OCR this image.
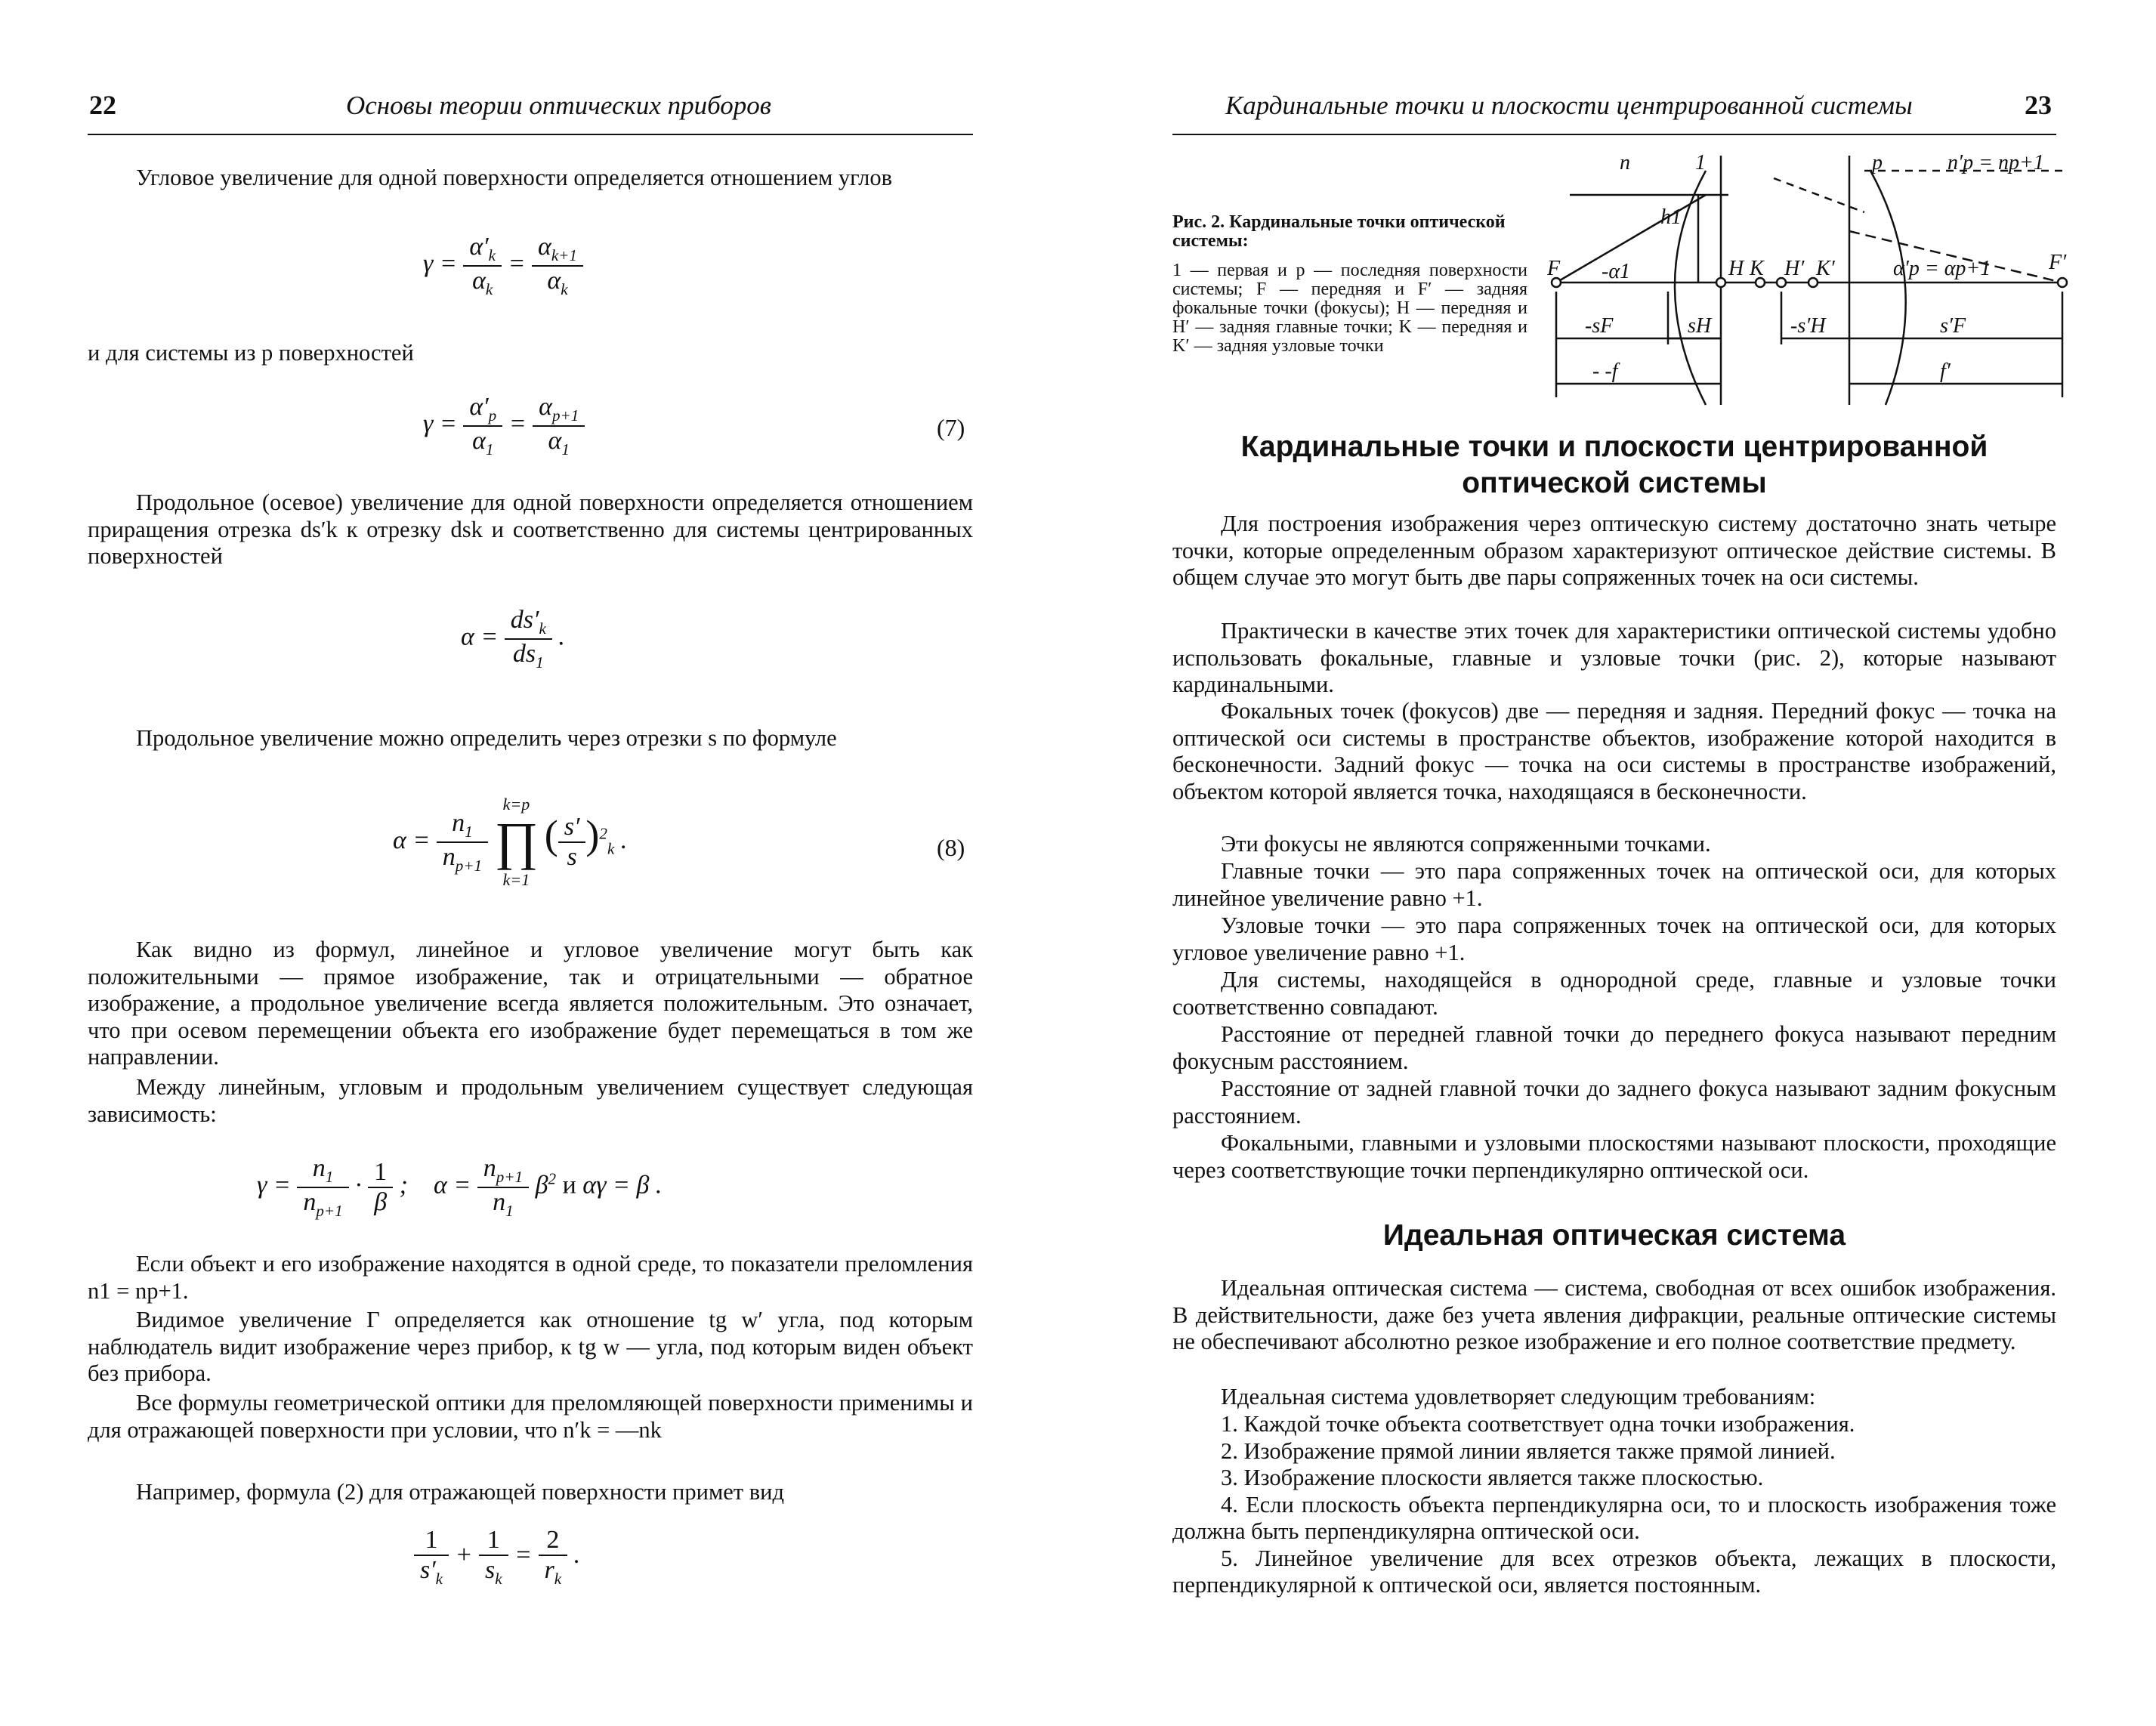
22	Основы теории оптических приборов

Угловое увеличение для одной поверхности определяется отношением углов

$\gamma = \frac{\alpha'_k}{\alpha_k} = \frac{\alpha_{k+1}}{\alpha_k}$

и для системы из p поверхностей

$\gamma = \frac{\alpha'_p}{\alpha_1} = \frac{\alpha_{p+1}}{\alpha_1}$	(7)

Продольное (осевое) увеличение для одной поверхности определяется отношением приращения отрезка ds′k к отрезку dsk и соответственно для системы центрированных поверхностей

$\alpha = \frac{ds'_k}{ds_1}$ .

Продольное увеличение можно определить через отрезки s по формуле

$\alpha = \frac{n_1}{n_{p+1}}$
k=p
∏
k=1 ( $\frac{s'}{s} )^2_k$ .	(8)

Как видно из формул, линейное и угловое увеличение могут быть как положительными — прямое изображение, так и отрицательными — обратное изображение, а продольное увеличение всегда является положительным. Это означает, что при осевом перемещении объекта его изображение будет перемещаться в том же направлении.

Между линейным, угловым и продольным увеличением существует следующая зависимость:

$\gamma = \frac{n_1}{n_{p+1}} \cdot \frac{1}{\beta}$ ;    $\alpha = \frac{n_{p+1}}{n_1} \beta^2$ и αγ = β .

Если объект и его изображение находятся в одной среде, то показатели преломления n1 = np+1.

Видимое увеличение Γ определяется как отношение tg w′ угла, под которым наблюдатель видит изображение через прибор, к tg w — угла, под которым виден объект без прибора.

Все формулы геометрической оптики для преломляющей поверхности применимы и для отражающей поверхности при условии, что n′k = —nk

Например, формула (2) для отражающей поверхности примет вид

$\frac{1}{s'_k} + \frac{1}{s_k} = \frac{2}{r_k}$ .
Кардинальные точки и плоскости центрированной системы	23
Рис. 2. Кардинальные точки оптической системы:
1 — первая и p — последняя поверхности системы; F — передняя и F′ — задняя фокальные точки (фокусы); H — передняя и H′ — задняя главные точки; K — передняя и K′ — задняя узловые точки
n	1	p	n′p = np+1
h1
-α1
F	H K H′ K′	α′p = αp+1	F′
-sF	sH	-s′H	s′F
- -f	f′
Кардинальные точки и плоскости центрированной оптической системы

Для построения изображения через оптическую систему достаточно знать четыре точки, которые определенным образом характеризуют оптическое действие системы. В общем случае это могут быть две пары сопряженных точек на оси системы.

Практически в качестве этих точек для характеристики оптической системы удобно использовать фокальные, главные и узловые точки (рис. 2), которые называют кардинальными.

Фокальных точек (фокусов) две — передняя и задняя. Передний фокус — точка на оптической оси системы в пространстве объектов, изображение которой находится в бесконечности. Задний фокус — точка на оси системы в пространстве изображений, объектом которой является точка, находящаяся в бесконечности.

Эти фокусы не являются сопряженными точками.

Главные точки — это пара сопряженных точек на оптической оси, для которых линейное увеличение равно +1.

Узловые точки — это пара сопряженных точек на оптической оси, для которых угловое увеличение равно +1.

Для системы, находящейся в однородной среде, главные и узловые точки соответственно совпадают.

Расстояние от передней главной точки до переднего фокуса называют передним фокусным расстоянием.

Расстояние от задней главной точки до заднего фокуса называют задним фокусным расстоянием.

Фокальными, главными и узловыми плоскостями называют плоскости, проходящие через соответствующие точки перпендикулярно оптической оси.

Идеальная оптическая система

Идеальная оптическая система — система, свободная от всех ошибок изображения. В действительности, даже без учета явления дифракции, реальные оптические системы не обеспечивают абсолютно резкое изображение и его полное соответствие предмету.

Идеальная система удовлетворяет следующим требованиям:

1. Каждой точке объекта соответствует одна точки изображения.
2. Изображение прямой линии является также прямой линией.
3. Изображение плоскости является также плоскостью.
4. Если плоскость объекта перпендикулярна оси, то и плоскость изображения тоже должна быть перпендикулярна оптической оси.
5. Линейное увеличение для всех отрезков объекта, лежащих в плоскости, перпендикулярной к оптической оси, является постоянным.
